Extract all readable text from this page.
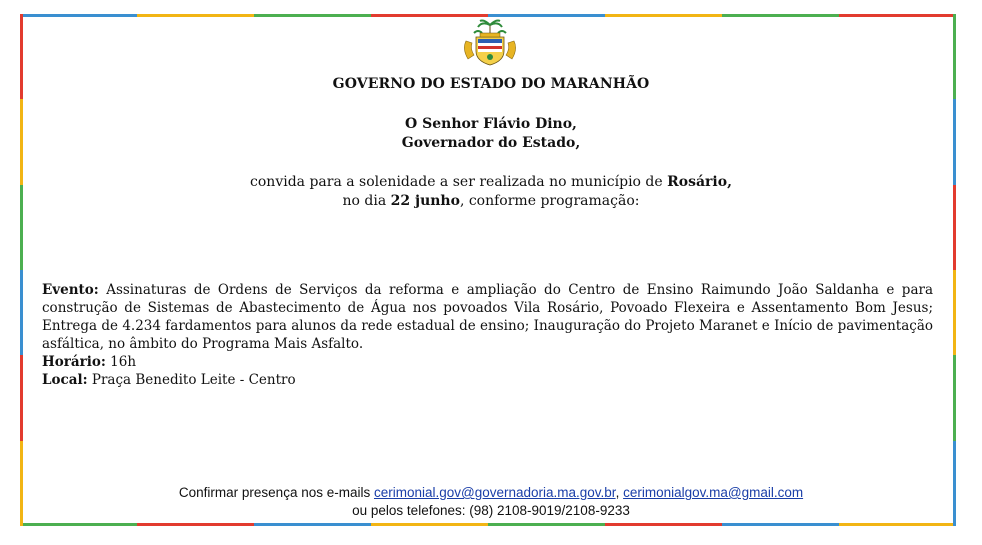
GOVERNO DO ESTADO DO MARANHÃO
O Senhor Flávio Dino,
Governador do Estado,
convida para a solenidade a ser realizada no município de Rosário,
no dia 22 junho, conforme programação:
Evento: Assinaturas de Ordens de Serviços da reforma e ampliação do Centro de Ensino Raimundo João Saldanha e para construção de Sistemas de Abastecimento de Água nos povoados Vila Rosário, Povoado Flexeira e Assentamento Bom Jesus; Entrega de 4.234 fardamentos para alunos da rede estadual de ensino; Inauguração do Projeto Maranet e Início de pavimentação asfáltica, no âmbito do Programa Mais Asfalto.
Horário: 16h
Local: Praça Benedito Leite - Centro
Confirmar presença nos e-mails cerimonial.gov@governadoria.ma.gov.br, cerimonialgov.ma@gmail.com
ou pelos telefones: (98) 2108-9019/2108-9233
